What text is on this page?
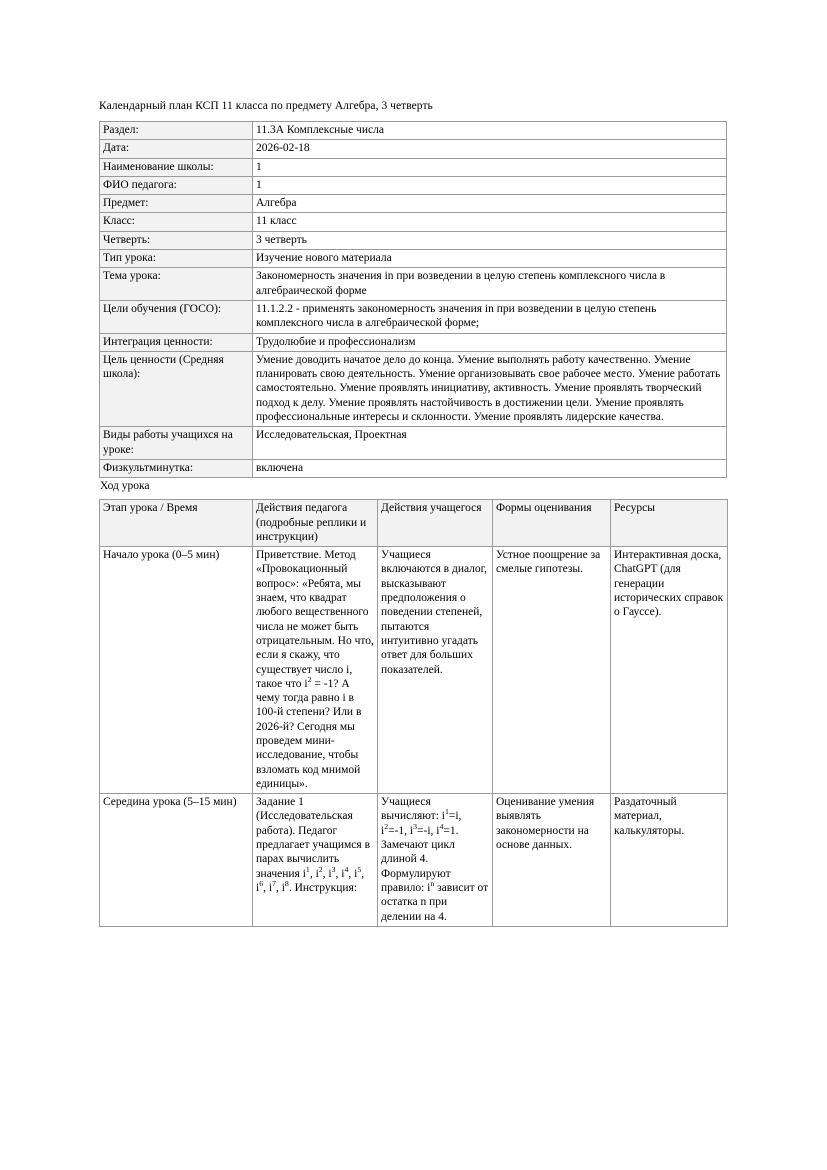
Календарный план КСП 11 класса по предмету Алгебра, 3 четверть

Раздел:	11.3А Комплексные числа
Дата:	2026-02-18
Наименование школы:	1
ФИО педагога:	1
Предмет:	Алгебра
Класс:	11 класс
Четверть:	3 четверть
Тип урока:	Изучение нового материала
Тема урока:	Закономерность значения in при возведении в целую степень комплексного числа в алгебраической форме
Цели обучения (ГОСО):	11.1.2.2 - применять закономерность значения in при возведении в целую степень комплексного числа в алгебраической форме;
Интеграция ценности:	Трудолюбие и профессионализм
Цель ценности (Средняя школа):	Умение доводить начатое дело до конца. Умение выполнять работу качественно. Умение планировать свою деятельность. Умение организовывать свое рабочее место. Умение работать самостоятельно. Умение проявлять инициативу, активность. Умение проявлять творческий подход к делу. Умение проявлять настойчивость в достижении цели. Умение проявлять профессиональные интересы и склонности. Умение проявлять лидерские качества.
Виды работы учащихся на уроке:	Исследовательская, Проектная
Физкультминутка:	включена

Ход урока

Этап урока / Время	Действия педагога (подробные реплики и инструкции)	Действия учащегося	Формы оценивания	Ресурсы
Начало урока (0–5 мин)	Приветствие. Метод «Провокационный вопрос»: «Ребята, мы знаем, что квадрат любого вещественного числа не может быть отрицательным. Но что, если я скажу, что существует число i, такое что $i^2 = -1$? А чему тогда равно i в 100-й степени? Или в 2026-й? Сегодня мы проведем мини-исследование, чтобы взломать код мнимой единицы».	Учащиеся включаются в диалог, высказывают предположения о поведении степеней, пытаются интуитивно угадать ответ для больших показателей.	Устное поощрение за смелые гипотезы.	Интерактивная доска, ChatGPT (для генерации исторических справок о Гауссе).
Середина урока (5–15 мин)	Задание 1 (Исследовательская работа). Педагог предлагает учащимся в парах вычислить значения $i^1$, $i^2$, $i^3$, $i^4$, $i^5$, $i^6$, $i^7$, $i^8$. Инструкция:	Учащиеся вычисляют: $i^1=i$, $i^2=-1$, $i^3=-i$, $i^4=1$. Замечают цикл длиной 4. Формулируют правило: $i^n$ зависит от остатка n при делении на 4.	Оценивание умения выявлять закономерности на основе данных.	Раздаточный материал, калькуляторы.
